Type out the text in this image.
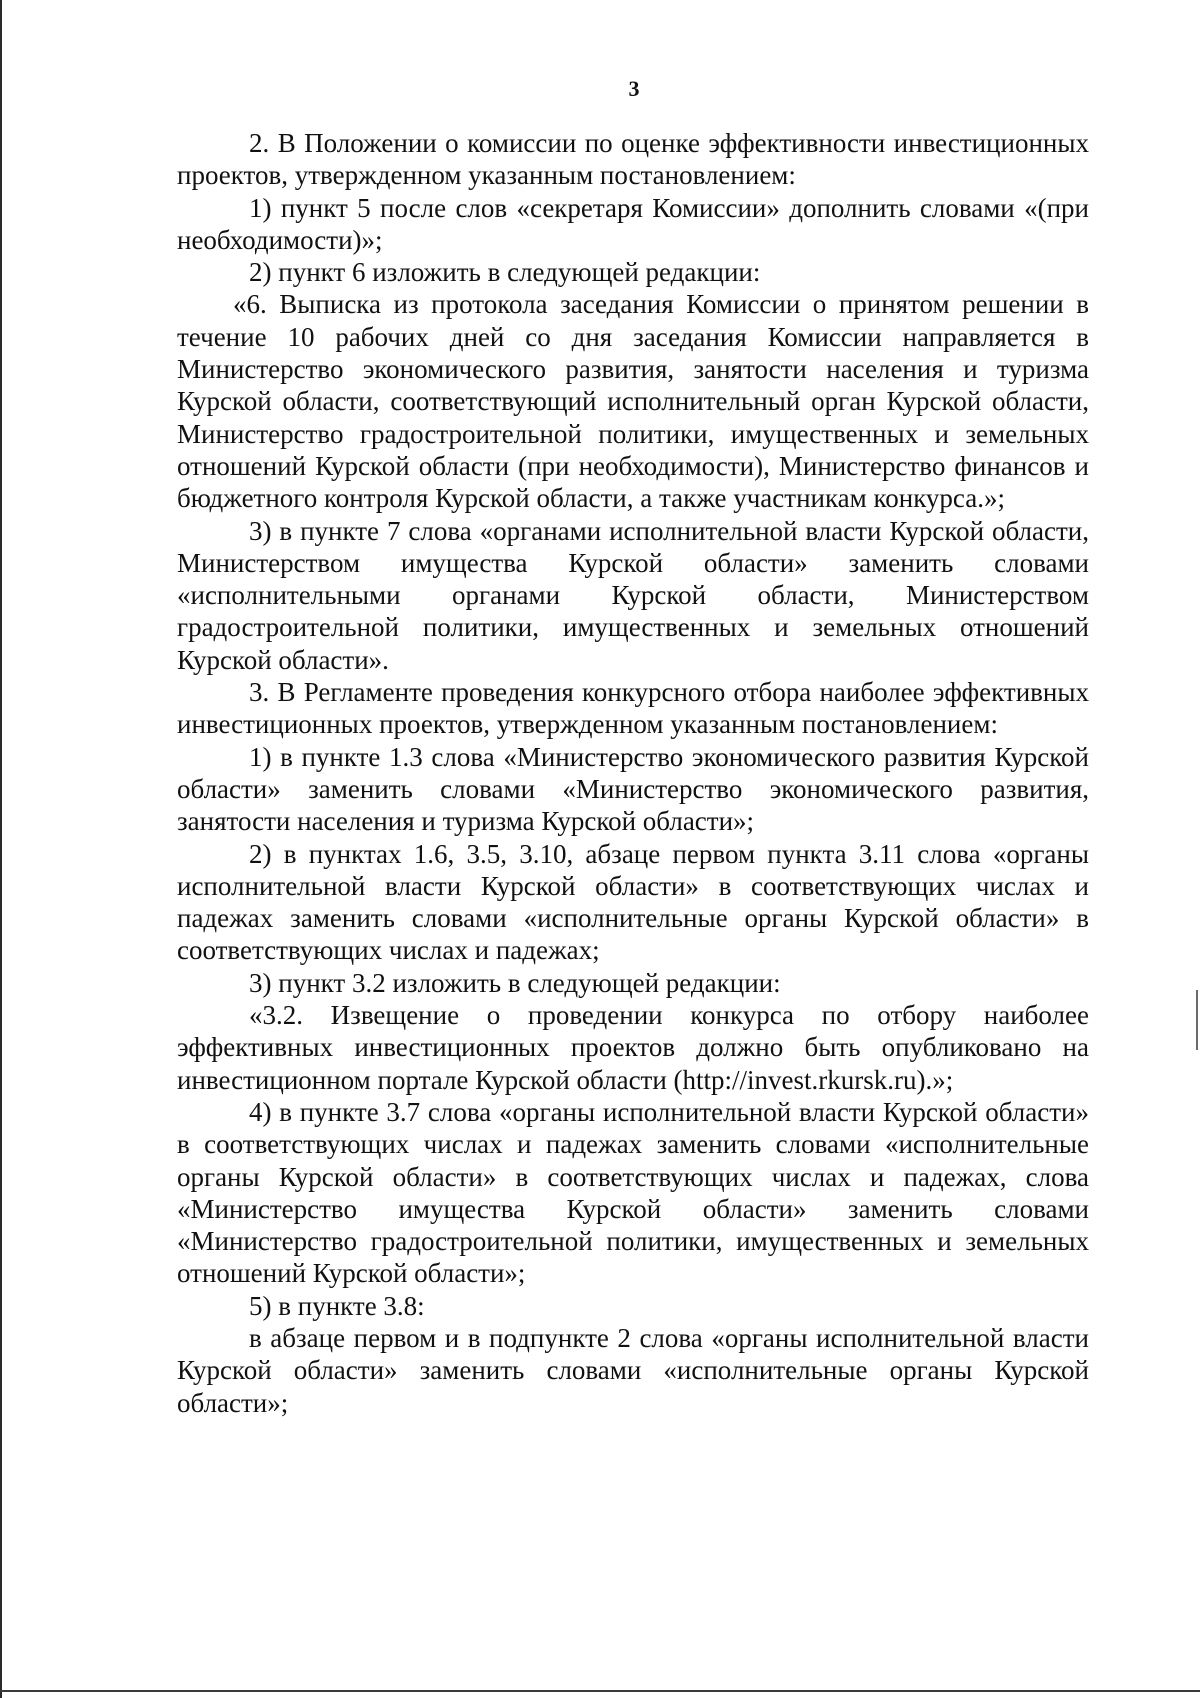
3

2. В Положении о комиссии по оценке эффективности инвестиционных проектов, утвержденном указанным постановлением:

1) пункт 5 после слов «секретаря Комиссии» дополнить словами «(при необходимости)»;

2) пункт 6 изложить в следующей редакции:

«6. Выписка из протокола заседания Комиссии о принятом решении в течение 10 рабочих дней со дня заседания Комиссии направляется в Министерство экономического развития, занятости населения и туризма Курской области, соответствующий исполнительный орган Курской области, Министерство градостроительной политики, имущественных и земельных отношений Курской области (при необходимости), Министерство финансов и бюджетного контроля Курской области, а также участникам конкурса.»;

3) в пункте 7 слова «органами исполнительной власти Курской области, Министерством имущества Курской области» заменить словами «исполнительными органами Курской области, Министерством градостроительной политики, имущественных и земельных отношений Курской области».

3. В Регламенте проведения конкурсного отбора наиболее эффективных инвестиционных проектов, утвержденном указанным постановлением:

1) в пункте 1.3 слова «Министерство экономического развития Курской области» заменить словами «Министерство экономического развития, занятости населения и туризма Курской области»;

2) в пунктах 1.6, 3.5, 3.10, абзаце первом пункта 3.11 слова «органы исполнительной власти Курской области» в соответствующих числах и падежах заменить словами «исполнительные органы Курской области» в соответствующих числах и падежах;

3) пункт 3.2 изложить в следующей редакции:

«3.2. Извещение о проведении конкурса по отбору наиболее эффективных инвестиционных проектов должно быть опубликовано на инвестиционном портале Курской области (http://invest.rkursk.ru).»;

4) в пункте 3.7 слова «органы исполнительной власти Курской области» в соответствующих числах и падежах заменить словами «исполнительные органы Курской области» в соответствующих числах и падежах, слова «Министерство имущества Курской области» заменить словами «Министерство градостроительной политики, имущественных и земельных отношений Курской области»;

5) в пункте 3.8:

в абзаце первом и в подпункте 2 слова «органы исполнительной власти Курской области» заменить словами «исполнительные органы Курской области»;
